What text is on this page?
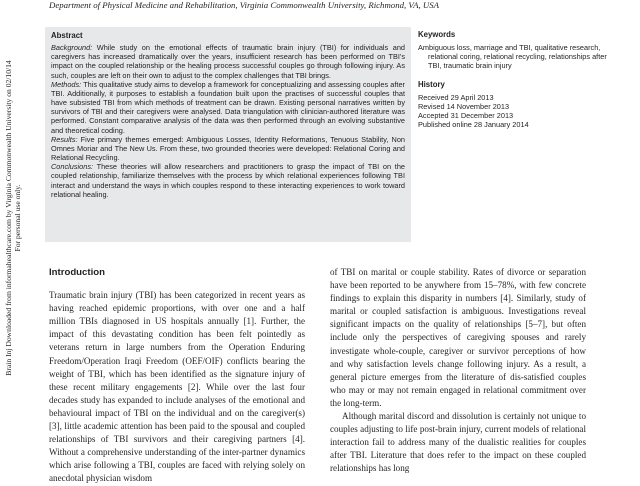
Brain Inj Downloaded from informahealthcare.com by Virginia Commonwealth University on 02/10/14 For personal use only.
Department of Physical Medicine and Rehabilitation, Virginia Commonwealth University, Richmond, VA, USA
Abstract

Background: While study on the emotional effects of traumatic brain injury (TBI) for individuals and caregivers has increased dramatically over the years, insufficient research has been performed on TBI's impact on the coupled relationship or the healing process successful couples go through following injury. As such, couples are left on their own to adjust to the complex challenges that TBI brings.

Methods: This qualitative study aims to develop a framework for conceptualizing and assessing couples after TBI. Additionally, it purposes to establish a foundation built upon the practises of successful couples that have subsisted TBI from which methods of treatment can be drawn. Existing personal narratives written by survivors of TBI and their caregivers were analysed. Data triangulation with clinician-authored literature was performed. Constant comparative analysis of the data was then performed through an evolving substantive and theoretical coding.

Results: Five primary themes emerged: Ambiguous Losses, Identity Reformations, Tenuous Stability, Non Omnes Moriar and The New Us. From these, two grounded theories were developed: Relational Coring and Relational Recycling.

Conclusions: These theories will allow researchers and practitioners to grasp the impact of TBI on the coupled relationship, familiarize themselves with the process by which relational experiences following TBI interact and understand the ways in which couples respond to these interacting experiences to work toward relational healing.

Keywords
Ambiguous loss, marriage and TBI, qualitative research, relational coring, relational recycling, relationships after TBI, traumatic brain injury
History
Received 29 April 2013
Revised 14 November 2013
Accepted 31 December 2013
Published online 28 January 2014
Introduction

Traumatic brain injury (TBI) has been categorized in recent years as having reached epidemic proportions, with over one and a half million TBIs diagnosed in US hospitals annually [1]. Further, the impact of this devastating condition has been felt pointedly as veterans return in large numbers from the Operation Enduring Freedom/Operation Iraqi Freedom (OEF/OIF) conflicts bearing the weight of TBI, which has been identified as the signature injury of these recent military engagements [2]. While over the last four decades study has expanded to include analyses of the emotional and behavioural impact of TBI on the individual and on the caregiver(s) [3], little academic attention has been paid to the spousal and coupled relationships of TBI survivors and their caregiving partners [4]. Without a comprehensive understanding of the inter-partner dynamics which arise following a TBI, couples are faced with relying solely on anecdotal physician wisdom

of TBI on marital or couple stability. Rates of divorce or separation have been reported to be anywhere from 15–78%, with few concrete findings to explain this disparity in numbers [4]. Similarly, study of marital or coupled satisfaction is ambiguous. Investigations reveal significant impacts on the quality of relationships [5–7], but often include only the perspectives of caregiving spouses and rarely investigate whole-couple, caregiver or survivor perceptions of how and why satisfaction levels change following injury. As a result, a general picture emerges from the literature of dis-satisfied couples who may or may not remain engaged in relational commitment over the long-term.

Although marital discord and dissolution is certainly not unique to couples adjusting to life post-brain injury, current models of relational interaction fail to address many of the dualistic realities for couples after TBI. Literature that does refer to the impact on these coupled relationships has long
